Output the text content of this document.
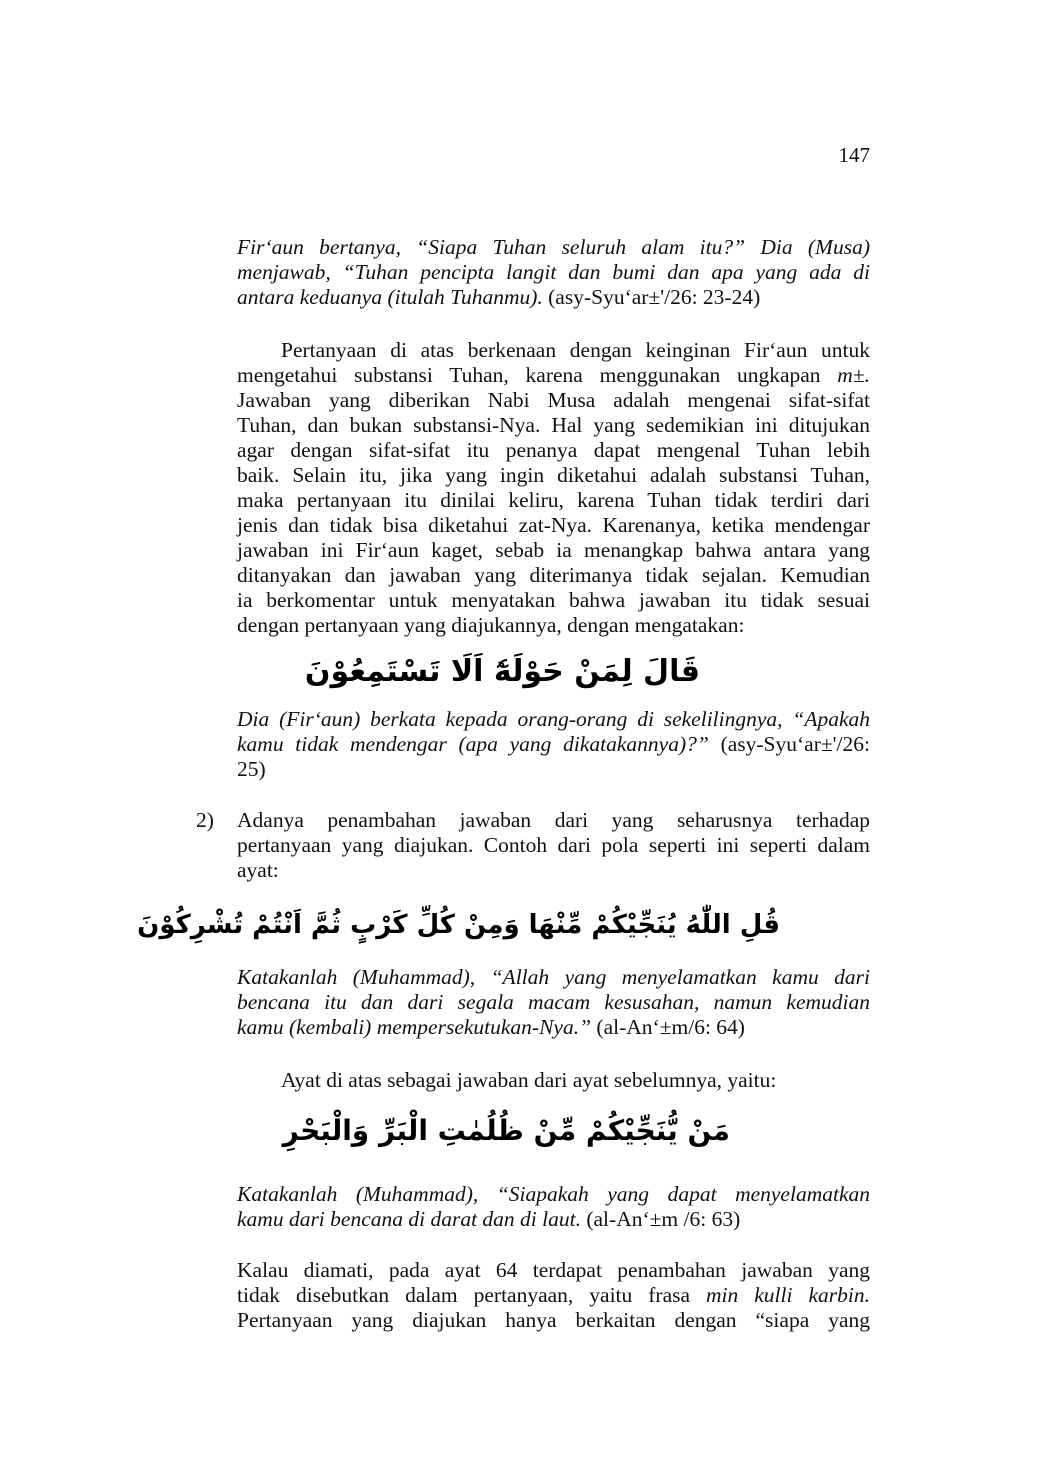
147
Fir‘aun bertanya, “Siapa Tuhan seluruh alam itu?” Dia (Musa)
menjawab, “Tuhan pencipta langit dan bumi dan apa yang ada di
antara keduanya (itulah Tuhanmu). (asy-Syu‘ar±'/26: 23-24)
Pertanyaan di atas berkenaan dengan keinginan Fir‘aun untuk
mengetahui substansi Tuhan, karena menggunakan ungkapan m±.
Jawaban yang diberikan Nabi Musa adalah mengenai sifat-sifat
Tuhan, dan bukan substansi-Nya. Hal yang sedemikian ini ditujukan
agar dengan sifat-sifat itu penanya dapat mengenal Tuhan lebih
baik. Selain itu, jika yang ingin diketahui adalah substansi Tuhan,
maka pertanyaan itu dinilai keliru, karena Tuhan tidak terdiri dari
jenis dan tidak bisa diketahui zat-Nya. Karenanya, ketika mendengar
jawaban ini Fir‘aun kaget, sebab ia menangkap bahwa antara yang
ditanyakan dan jawaban yang diterimanya tidak sejalan. Kemudian
ia berkomentar untuk menyatakan bahwa jawaban itu tidak sesuai
dengan pertanyaan yang diajukannya, dengan mengatakan:
قَالَ لِمَنْ حَوْلَهٗٓ اَلَا تَسْتَمِعُوْنَ
Dia (Fir‘aun) berkata kepada orang-orang di sekelilingnya, “Apakah
kamu tidak mendengar (apa yang dikatakannya)?” (asy-Syu‘ar±'/26:
25)
2) Adanya penambahan jawaban dari yang seharusnya terhadap
pertanyaan yang diajukan. Contoh dari pola seperti ini seperti dalam
ayat:
قُلِ اللّٰهُ يُنَجِّيْكُمْ مِّنْهَا وَمِنْ كُلِّ كَرْبٍ ثُمَّ اَنْتُمْ تُشْرِكُوْنَ
Katakanlah (Muhammad), “Allah yang menyelamatkan kamu dari
bencana itu dan dari segala macam kesusahan, namun kemudian
kamu (kembali) mempersekutukan-Nya.” (al-An‘±m/6: 64)
Ayat di atas sebagai jawaban dari ayat sebelumnya, yaitu:
مَنْ يُّنَجِّيْكُمْ مِّنْ ظُلُمٰتِ الْبَرِّ وَالْبَحْرِ
Katakanlah (Muhammad), “Siapakah yang dapat menyelamatkan
kamu dari bencana di darat dan di laut. (al-An‘±m /6: 63)
Kalau diamati, pada ayat 64 terdapat penambahan jawaban yang
tidak disebutkan dalam pertanyaan, yaitu frasa min kulli karbin.
Pertanyaan yang diajukan hanya berkaitan dengan “siapa yang
